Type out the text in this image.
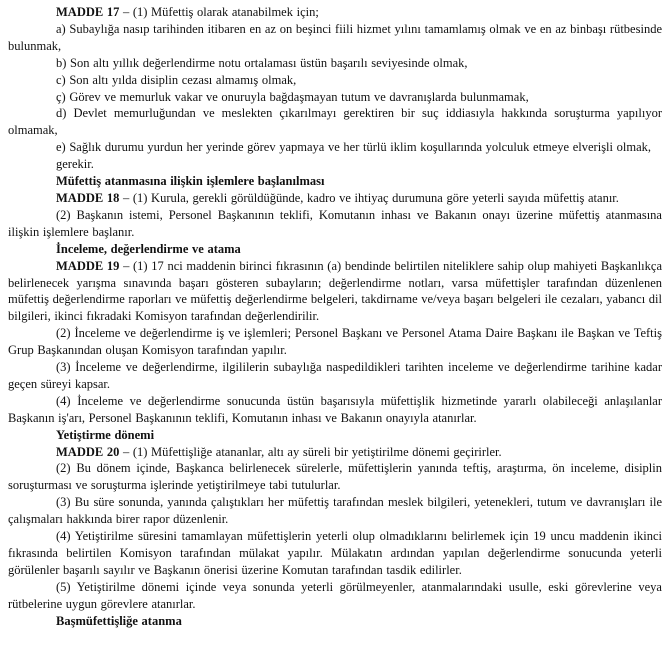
MADDE 17 – (1) Müfettiş olarak atanabilmek için;

a) Subaylığa nasıp tarihinden itibaren en az on beşinci fiili hizmet yılını tamamlamış olmak ve en az binbaşı rütbesinde bulunmak,

b) Son altı yıllık değerlendirme notu ortalaması üstün başarılı seviyesinde olmak,

c) Son altı yılda disiplin cezası almamış olmak,

ç) Görev ve memurluk vakar ve onuruyla bağdaşmayan tutum ve davranışlarda bulunmamak,

d) Devlet memurluğundan ve meslekten çıkarılmayı gerektiren bir suç iddiasıyla hakkında soruşturma yapılıyor olmamak,

e) Sağlık durumu yurdun her yerinde görev yapmaya ve her türlü iklim koşullarında yolculuk etmeye elverişli olmak,

gerekir.

Müfettiş atanmasına ilişkin işlemlere başlanılması

MADDE 18 – (1) Kurula, gerekli görüldüğünde, kadro ve ihtiyaç durumuna göre yeterli sayıda müfettiş atanır.

(2) Başkanın istemi, Personel Başkanının teklifi, Komutanın inhası ve Bakanın onayı üzerine müfettiş atanmasına ilişkin işlemlere başlanır.

İnceleme, değerlendirme ve atama

MADDE 19 – (1) 17 nci maddenin birinci fıkrasının (a) bendinde belirtilen niteliklere sahip olup mahiyeti Başkanlıkça belirlenecek yarışma sınavında başarı gösteren subayların; değerlendirme notları, varsa müfettişler tarafından düzenlenen müfettiş değerlendirme raporları ve müfettiş değerlendirme belgeleri, takdirname ve/veya başarı belgeleri ile cezaları, yabancı dil bilgileri, ikinci fıkradaki Komisyon tarafından değerlendirilir.

(2) İnceleme ve değerlendirme iş ve işlemleri; Personel Başkanı ve Personel Atama Daire Başkanı ile Başkan ve Teftiş Grup Başkanından oluşan Komisyon tarafından yapılır.

(3) İnceleme ve değerlendirme, ilgililerin subaylığa naspedildikleri tarihten inceleme ve değerlendirme tarihine kadar geçen süreyi kapsar.

(4) İnceleme ve değerlendirme sonucunda üstün başarısıyla müfettişlik hizmetinde yararlı olabileceği anlaşılanlar Başkanın iş'arı, Personel Başkanının teklifi, Komutanın inhası ve Bakanın onayıyla atanırlar.

Yetiştirme dönemi

MADDE 20 – (1) Müfettişliğe atananlar, altı ay süreli bir yetiştirilme dönemi geçirirler.

(2) Bu dönem içinde, Başkanca belirlenecek sürelerle, müfettişlerin yanında teftiş, araştırma, ön inceleme, disiplin soruşturması ve soruşturma işlerinde yetiştirilmeye tabi tutulurlar.

(3) Bu süre sonunda, yanında çalıştıkları her müfettiş tarafından meslek bilgileri, yetenekleri, tutum ve davranışları ile çalışmaları hakkında birer rapor düzenlenir.

(4) Yetiştirilme süresini tamamlayan müfettişlerin yeterli olup olmadıklarını belirlemek için 19 uncu maddenin ikinci fıkrasında belirtilen Komisyon tarafından mülakat yapılır. Mülakatın ardından yapılan değerlendirme sonucunda yeterli görülenler başarılı sayılır ve Başkanın önerisi üzerine Komutan tarafından tasdik edilirler.

(5) Yetiştirilme dönemi içinde veya sonunda yeterli görülmeyenler, atanmalarındaki usulle, eski görevlerine veya rütbelerine uygun görevlere atanırlar.

Başmüfettişliğe atanma
